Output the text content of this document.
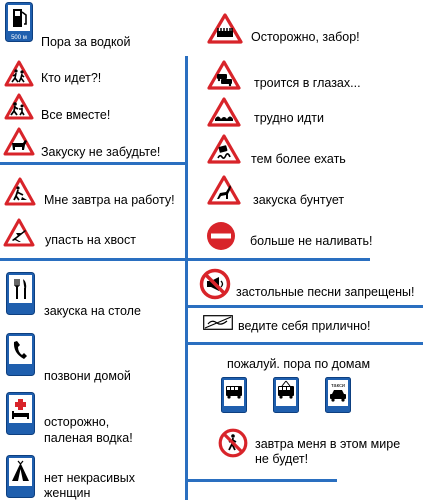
500 м Пора за водкой
Кто идет?!
Все вместе!
Закуску не забудьте!
Мне завтра на работу!
упасть на хвост
закуска на столе
позвони домой
осторожно,
паленая водка!
нет некрасивых
женщин
Осторожно, забор!
троится в глазах...
трудно идти
тем более ехать
закуска бунтует
больше не наливать!
застольные песни запрещены!
ведите себя прилично!
пожалуй. пора по домам
такси
завтра меня в этом мире
не будет!
